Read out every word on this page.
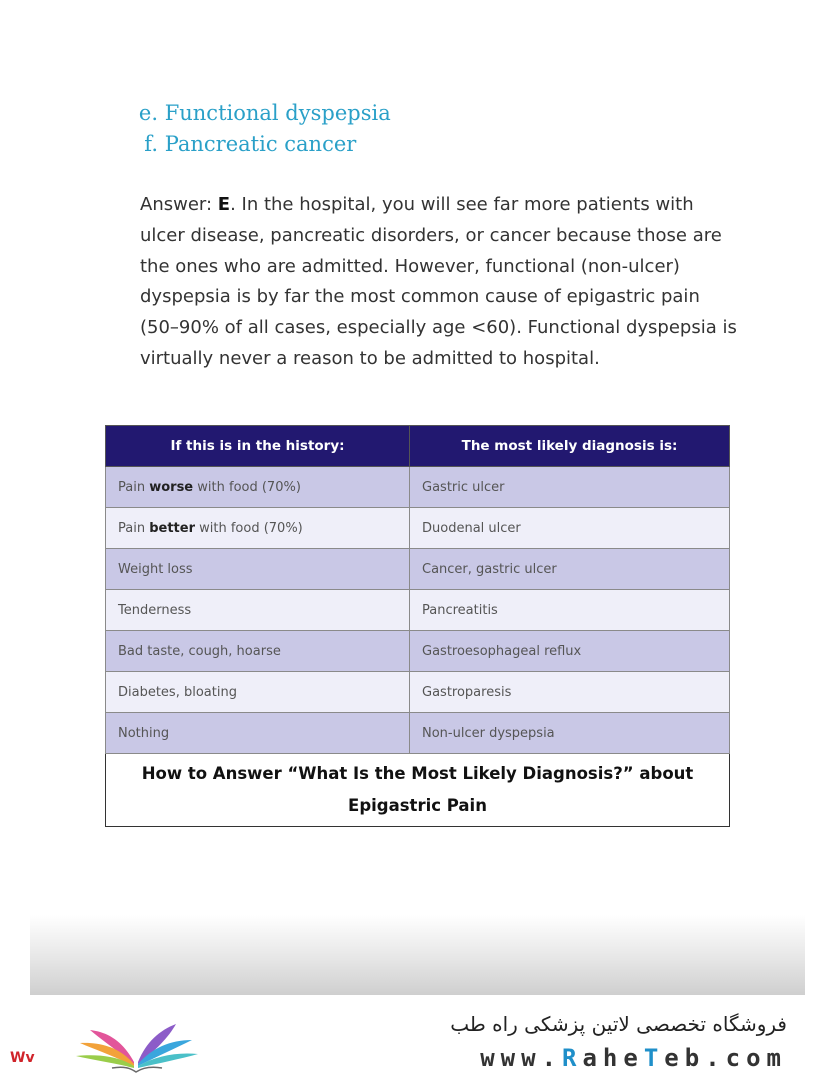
e. Functional dyspepsia
f. Pancreatic cancer
Answer: E. In the hospital, you will see far more patients with ulcer disease, pancreatic disorders, or cancer because those are the ones who are admitted. However, functional (non-ulcer) dyspepsia is by far the most common cause of epigastric pain (50–90% of all cases, especially age <60). Functional dyspepsia is virtually never a reason to be admitted to hospital.
If this is in the history:	The most likely diagnosis is:
Pain worse with food (70%)	Gastric ulcer
Pain better with food (70%)	Duodenal ulcer
Weight loss	Cancer, gastric ulcer
Tenderness	Pancreatitis
Bad taste, cough, hoarse	Gastroesophageal reflux
Diabetes, bloating	Gastroparesis
Nothing	Non-ulcer dyspepsia
How to Answer “What Is the Most Likely Diagnosis?” about Epigastric Pain	
Wv
فروشگاه تخصصی لاتین پزشکی راه طب
www.RaheTeb.com
